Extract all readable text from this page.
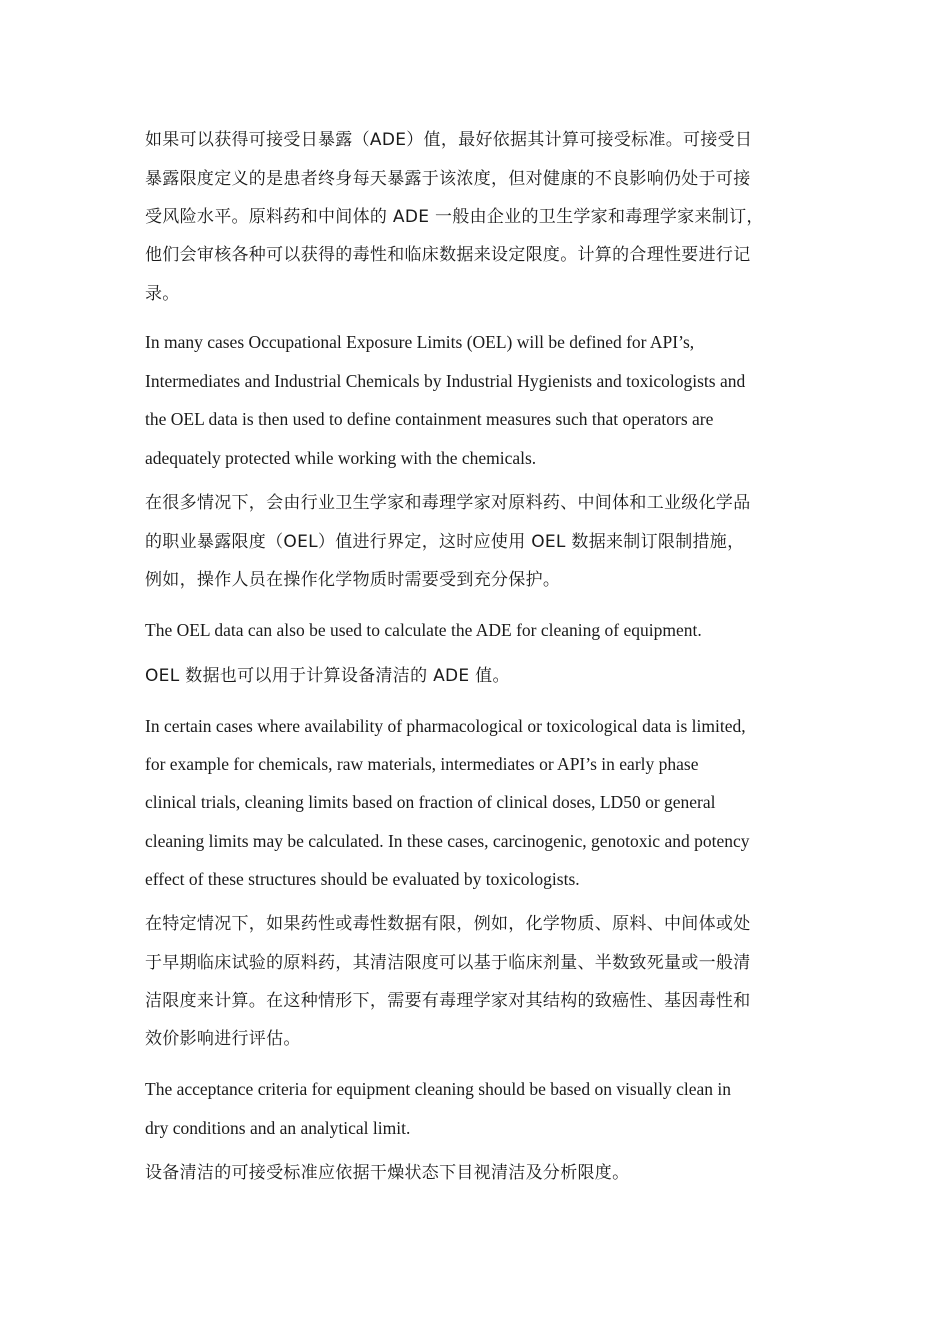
如果可以获得可接受日暴露（ADE）值，最好依据其计算可接受标准。可接受日

暴露限度定义的是患者终身每天暴露于该浓度，但对健康的不良影响仍处于可接

受风险水平。原料药和中间体的 ADE 一般由企业的卫生学家和毒理学家来制订，

他们会审核各种可以获得的毒性和临床数据来设定限度。计算的合理性要进行记

录。

In many cases Occupational Exposure Limits (OEL) will be defined for API’s,

Intermediates and Industrial Chemicals by Industrial Hygienists and toxicologists and

the OEL data is then used to define containment measures such that operators are

adequately protected while working with the chemicals.

在很多情况下，会由行业卫生学家和毒理学家对原料药、中间体和工业级化学品

的职业暴露限度（OEL）值进行界定，这时应使用 OEL 数据来制订限制措施，

例如，操作人员在操作化学物质时需要受到充分保护。

The OEL data can also be used to calculate the ADE for cleaning of equipment.

OEL 数据也可以用于计算设备清洁的 ADE 值。

In certain cases where availability of pharmacological or toxicological data is limited,

for example for chemicals, raw materials, intermediates or API’s in early phase

clinical trials, cleaning limits based on fraction of clinical doses, LD50 or general

cleaning limits may be calculated. In these cases, carcinogenic, genotoxic and potency

effect of these structures should be evaluated by toxicologists.

在特定情况下，如果药性或毒性数据有限，例如，化学物质、原料、中间体或处

于早期临床试验的原料药，其清洁限度可以基于临床剂量、半数致死量或一般清

洁限度来计算。在这种情形下，需要有毒理学家对其结构的致癌性、基因毒性和

效价影响进行评估。

The acceptance criteria for equipment cleaning should be based on visually clean in

dry conditions and an analytical limit.

设备清洁的可接受标准应依据干燥状态下目视清洁及分析限度。
